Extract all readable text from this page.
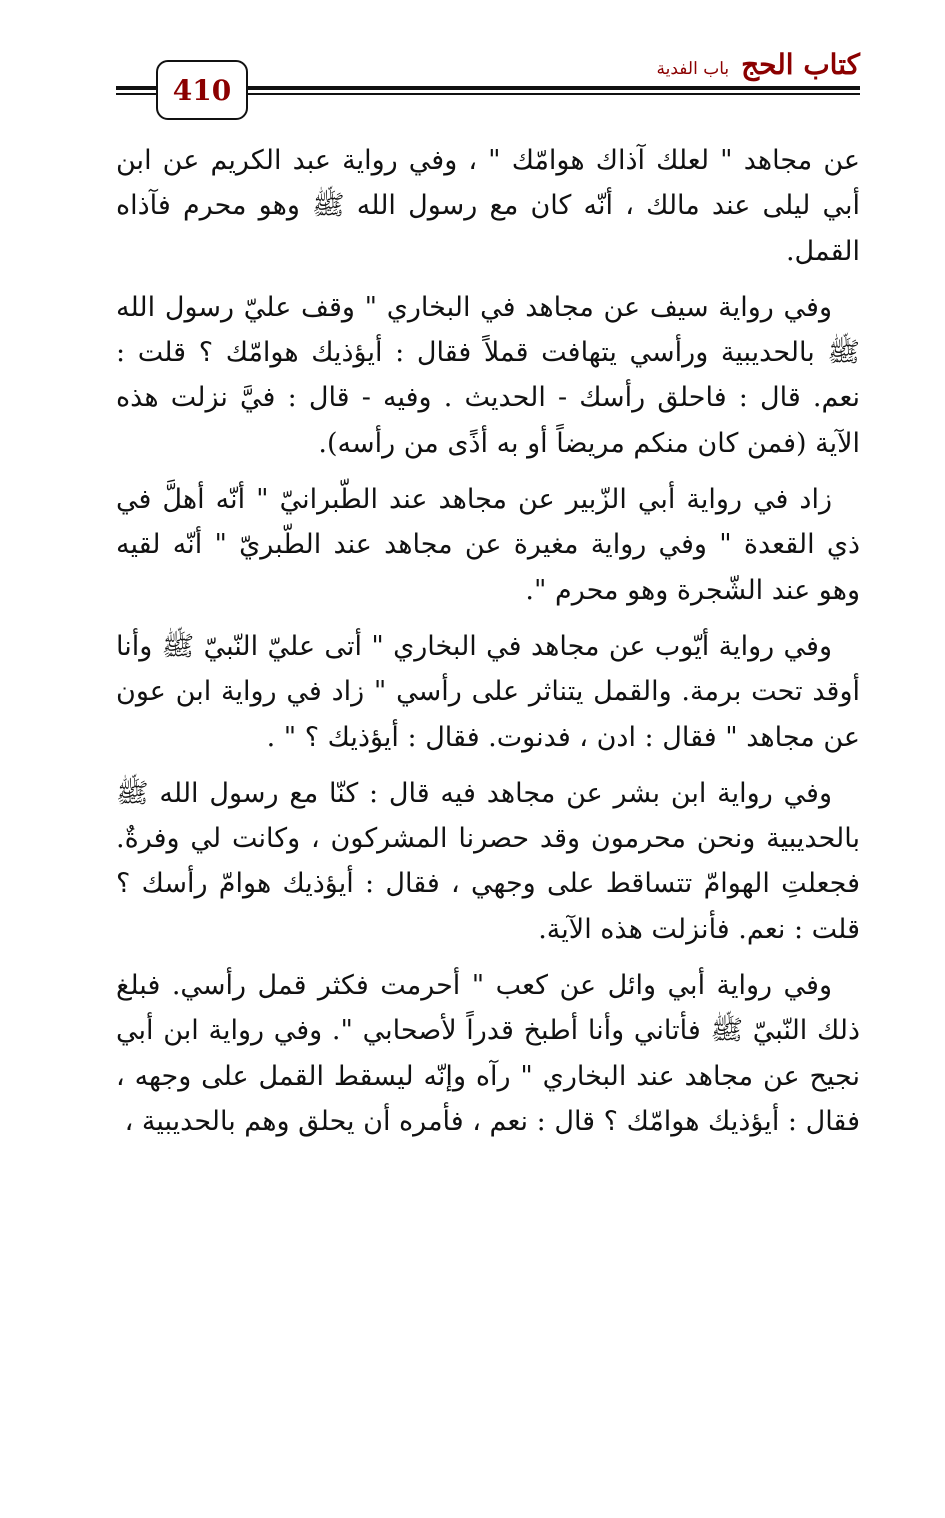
410
كتاب الحج
باب الفدية

عن مجاهد " لعلك آذاك هوامّك " ، وفي رواية عبد الكريم عن ابن أبي ليلى عند مالك ، أنّه كان مع رسول الله ﷺ وهو محرم فآذاه القمل.

وفي رواية سيف عن مجاهد في البخاري " وقف عليّ رسول الله ﷺ بالحديبية ورأسي يتهافت قملاً فقال : أيؤذيك هوامّك ؟ قلت : نعم. قال : فاحلق رأسك - الحديث . وفيه - قال : فيَّ نزلت هذه الآية (فمن كان منكم مريضاً أو به أذًى من رأسه).

زاد في رواية أبي الزّبير عن مجاهد عند الطّبرانيّ " أنّه أهلَّ في ذي القعدة " وفي رواية مغيرة عن مجاهد عند الطّبريّ " أنّه لقيه وهو عند الشّجرة وهو محرم ".

وفي رواية أيّوب عن مجاهد في البخاري " أتى عليّ النّبيّ ﷺ وأنا أوقد تحت برمة. والقمل يتناثر على رأسي " زاد في رواية ابن عون عن مجاهد " فقال : ادن ، فدنوت. فقال : أيؤذيك ؟ " .

وفي رواية ابن بشر عن مجاهد فيه قال : كنّا مع رسول الله ﷺ بالحديبية ونحن محرمون وقد حصرنا المشركون ، وكانت لي وفرةٌ. فجعلتِ الهوامّ تتساقط على وجهي ، فقال : أيؤذيك هوامّ رأسك ؟ قلت : نعم. فأنزلت هذه الآية.

وفي رواية أبي وائل عن كعب " أحرمت فكثر قمل رأسي. فبلغ ذلك النّبيّ ﷺ فأتاني وأنا أطبخ قدراً لأصحابي ". وفي رواية ابن أبي نجيح عن مجاهد عند البخاري " رآه وإنّه ليسقط القمل على وجهه ، فقال : أيؤذيك هوامّك ؟ قال : نعم ، فأمره أن يحلق وهم بالحديبية ،
